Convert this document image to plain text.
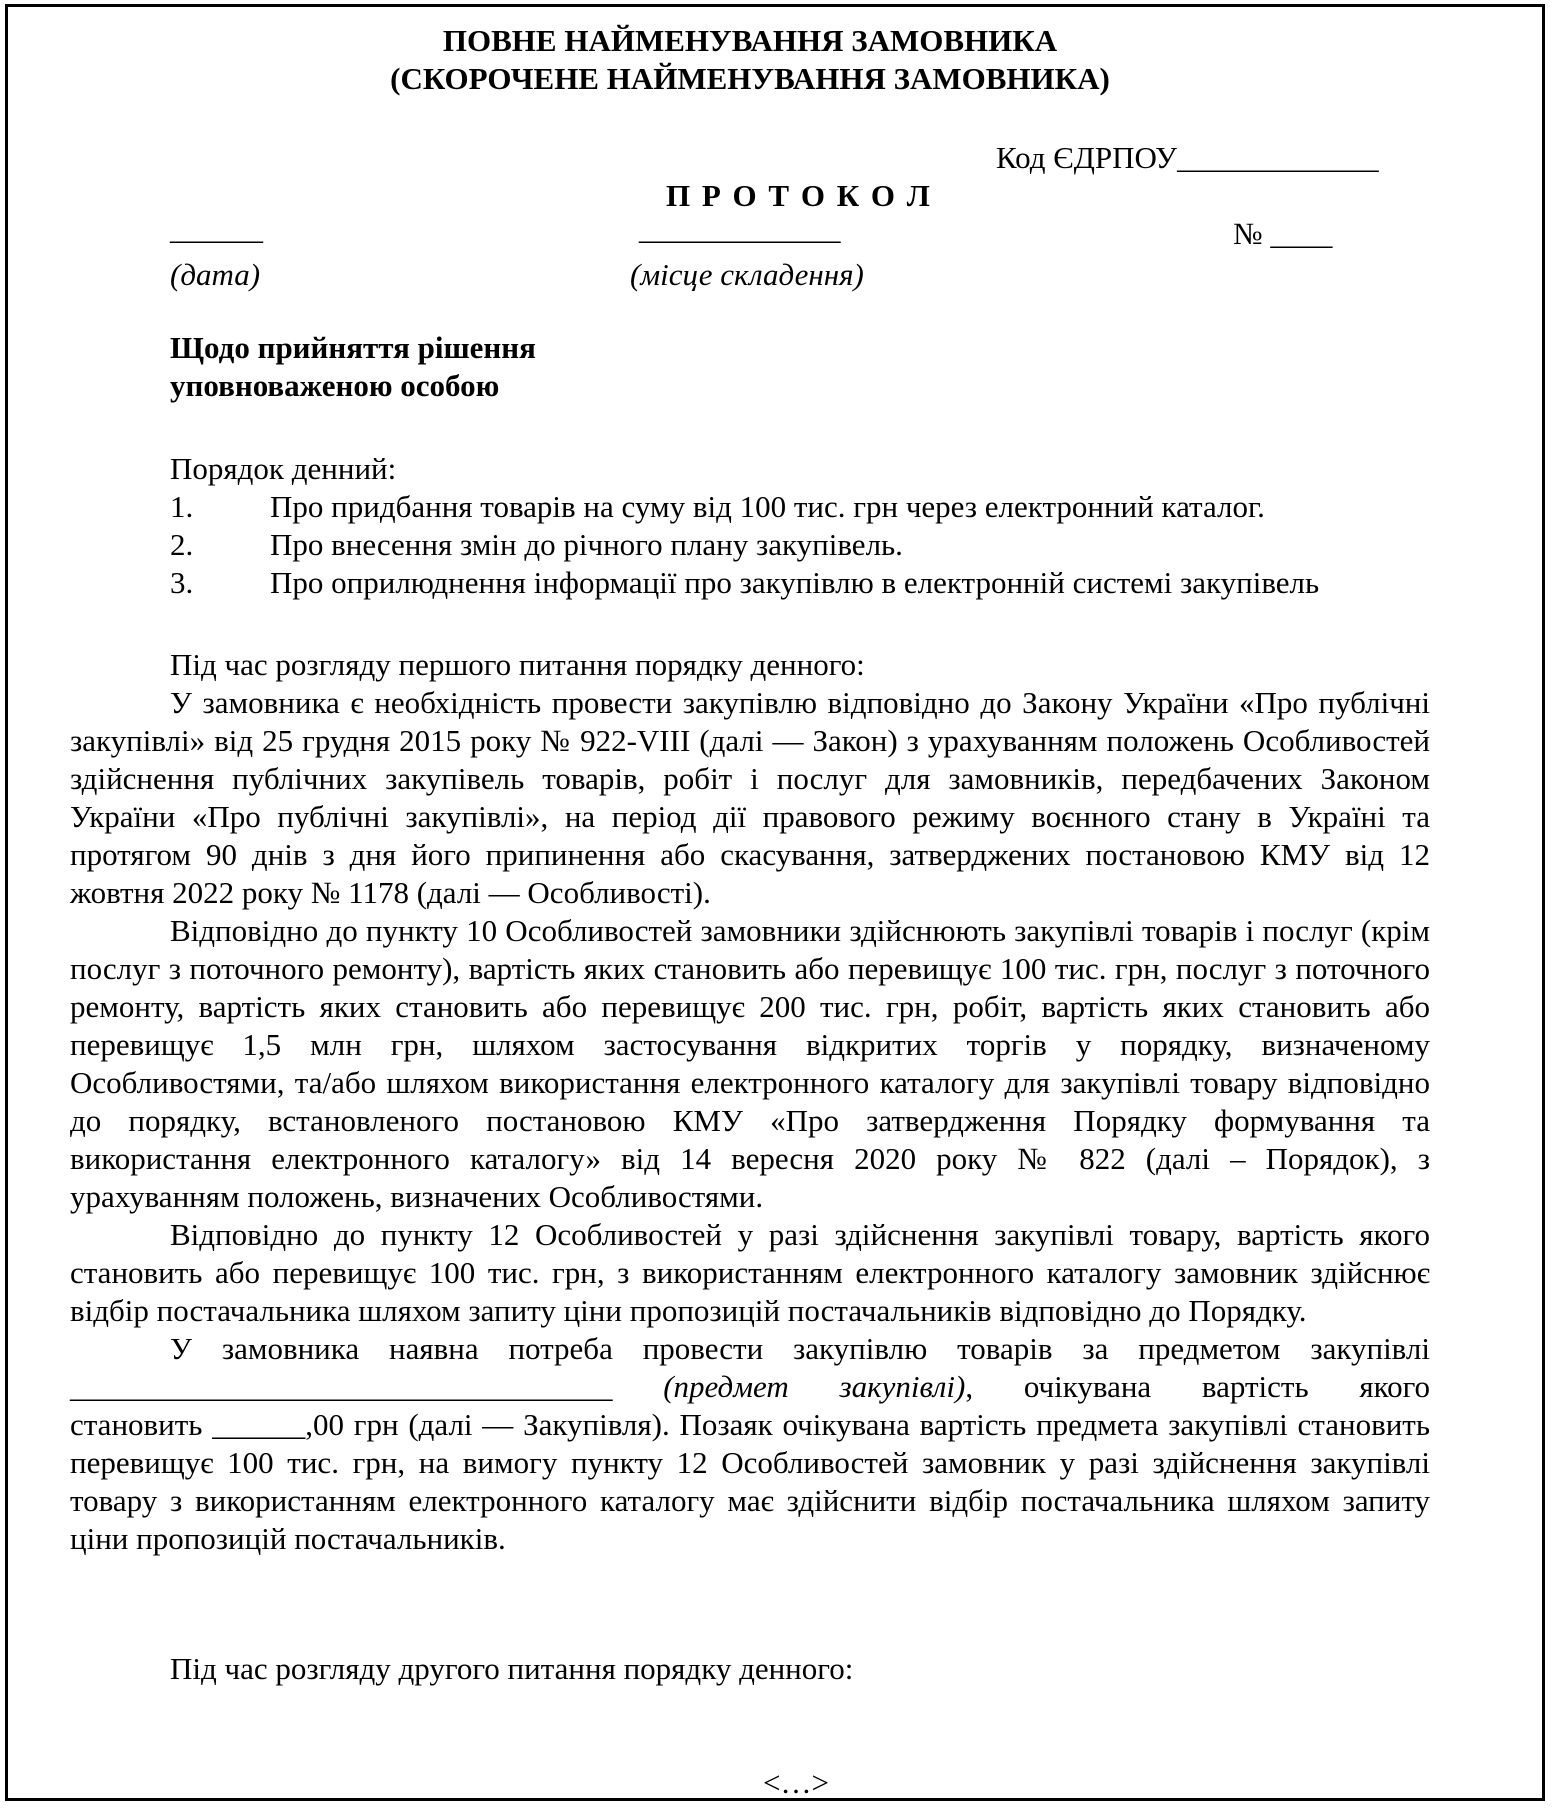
ПОВНЕ НАЙМЕНУВАННЯ ЗАМОВНИКА
(СКОРОЧЕНЕ НАЙМЕНУВАННЯ ЗАМОВНИКА)
Код ЄДРПОУ_____________
П Р О Т О К О Л
______	_____________	№ ____
(дата)	(місце складення)
Щодо прийняття рішення
уповноваженою особою
Порядок денний:
1. Про придбання товарів на суму від 100 тис. грн через електронний каталог.
2. Про внесення змін до річного плану закупівель.
3. Про оприлюднення інформації про закупівлю в електронній системі закупівель
Під час розгляду першого питання порядку денного:

У замовника є необхідність провести закупівлю відповідно до Закону України «Про публічні закупівлі» від 25 грудня 2015 року № 922-VIII (далі — Закон) з урахуванням положень Особливостей здійснення публічних закупівель товарів, робіт і послуг для замовників, передбачених Законом України «Про публічні закупівлі», на період дії правового режиму воєнного стану в Україні та протягом 90 днів з дня його припинення або скасування, затверджених постановою КМУ від 12 жовтня 2022 року № 1178 (далі — Особливості).

Відповідно до пункту 10 Особливостей замовники здійснюють закупівлі товарів і послуг (крім послуг з поточного ремонту), вартість яких становить або перевищує 100 тис. грн, послуг з поточного ремонту, вартість яких становить або перевищує 200 тис. грн, робіт, вартість яких становить або перевищує 1,5 млн грн, шляхом застосування відкритих торгів у порядку, визначеному Особливостями, та/або шляхом використання електронного каталогу для закупівлі товару відповідно до порядку, встановленого постановою КМУ «Про затвердження Порядку формування та використання електронного каталогу» від 14 вересня 2020 року № 822 (далі – Порядок), з урахуванням положень, визначених Особливостями.

Відповідно до пункту 12 Особливостей у разі здійснення закупівлі товару, вартість якого становить або перевищує 100 тис. грн, з використанням електронного каталогу замовник здійснює відбір постачальника шляхом запиту ціни пропозицій постачальників відповідно до Порядку.

У замовника наявна потреба провести закупівлю товарів за предметом закупівлі

___________________________________ (предмет закупівлі), очікувана вартість якого

становить ______,00 грн (далі — Закупівля). Позаяк очікувана вартість предмета закупівлі становить перевищує 100 тис. грн, на вимогу пункту 12 Особливостей замовник у разі здійснення закупівлі товару з використанням електронного каталогу має здійснити відбір постачальника шляхом запиту ціни пропозицій постачальників.

Під час розгляду другого питання порядку денного:
<…>
